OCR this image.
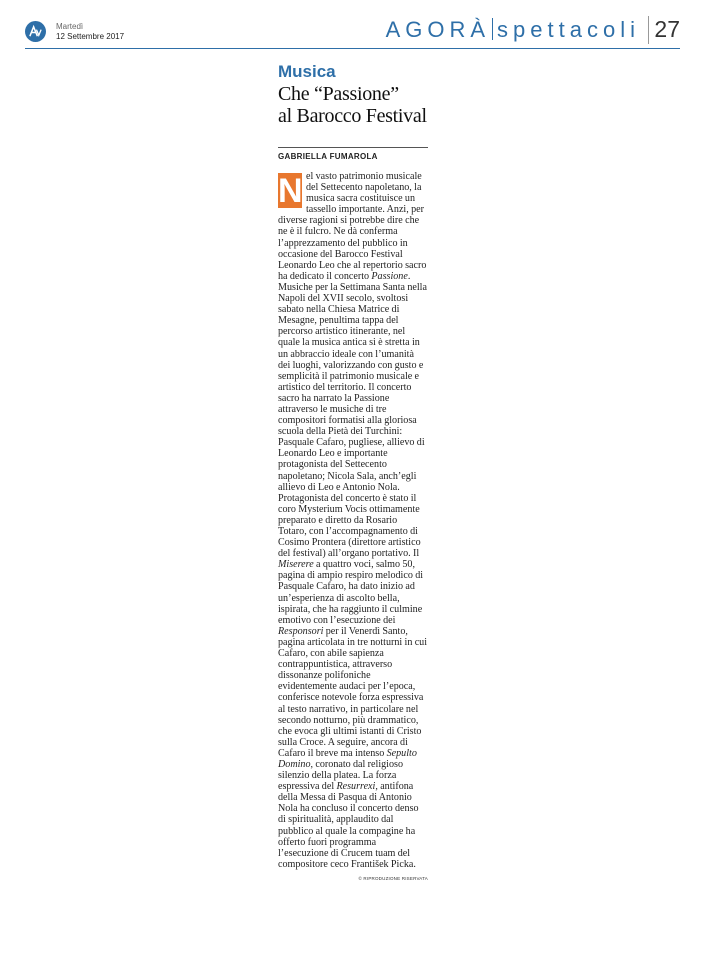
Martedì
12 Settembre 2017	AGORÀ spettacoli 27
Musica
Che “Passione”
al Barocco Festival
GABRIELLA FUMAROLA
N el vasto patrimonio musicale del Settecento napoletano, la musica sacra costituisce un tassello importante. Anzi, per diverse ragioni si potrebbe dire che ne è il fulcro. Ne dà conferma l’apprezzamento del pubblico in occasione del Barocco Festival Leonardo Leo che al repertorio sacro ha dedicato il concerto Passione. Musiche per la Settimana Santa nella Napoli del XVII secolo, svoltosi sabato nella Chiesa Matrice di Mesagne, penultima tappa del percorso artistico itinerante, nel quale la musica antica si è stretta in un abbraccio ideale con l’umanità dei luoghi, valorizzando con gusto e semplicità il patrimonio musicale e artistico del territorio. Il concerto sacro ha narrato la Passione attraverso le musiche di tre compositori formatisi alla gloriosa scuola della Pietà dei Turchini: Pasquale Cafaro, pugliese, allievo di Leonardo Leo e importante protagonista del Settecento napoletano; Nicola Sala, anch’egli allievo di Leo e Antonio Nola. Protagonista del concerto è stato il coro Mysterium Vocis ottimamente preparato e diretto da Rosario Totaro, con l’accompagnamento di Cosimo Prontera (direttore artistico del festival) all’organo portativo. Il Miserere a quattro voci, salmo 50, pagina di ampio respiro melodico di Pasquale Cafaro, ha dato inizio ad un’esperienza di ascolto bella, ispirata, che ha raggiunto il culmine emotivo con l’esecuzione dei Responsori per il Venerdì Santo, pagina articolata in tre notturni in cui Cafaro, con abile sapienza contrappuntistica, attraverso dissonanze polifoniche evidentemente audaci per l’epoca, conferisce notevole forza espressiva al testo narrativo, in particolare nel secondo notturno, più drammatico, che evoca gli ultimi istanti di Cristo sulla Croce. A seguire, ancora di Cafaro il breve ma intenso Sepulto Domino, coronato dal religioso silenzio della platea. La forza espressiva del Resurrexi, antifona della Messa di Pasqua di Antonio Nola ha concluso il concerto denso di spiritualità, applaudito dal pubblico al quale la compagine ha offerto fuori programma l’esecuzione di Crucem tuam del compositore ceco František Picka.
© RIPRODUZIONE RISERVATA
